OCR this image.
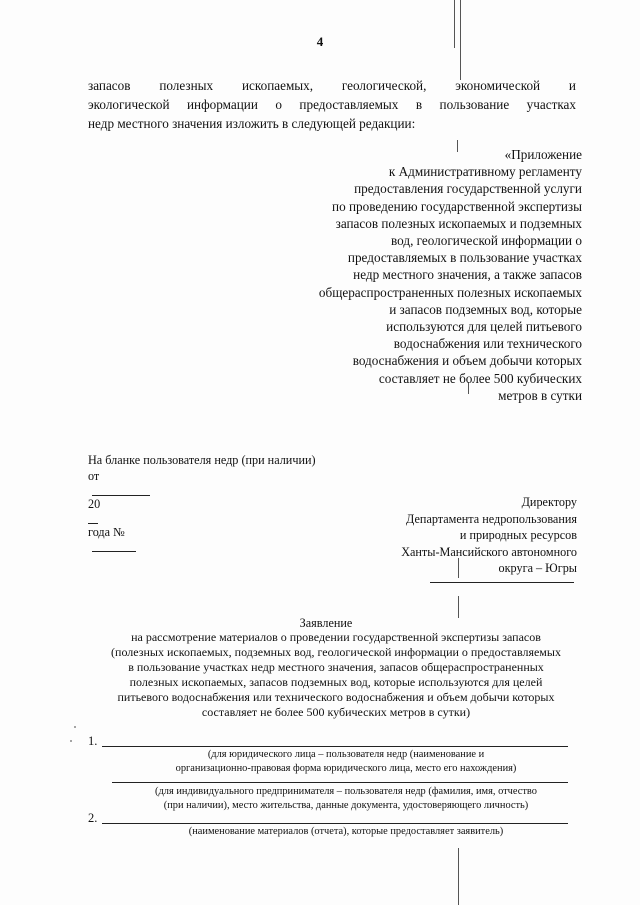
4
запасов полезных ископаемых, геологической, экономической и
экологической информации о предоставляемых в пользование участках
недр местного значения изложить в следующей редакции:
«Приложение
к Административному регламенту
предоставления государственной услуги
по проведению государственной экспертизы
запасов полезных ископаемых и подземных
вод, геологической информации о
предоставляемых в пользование участках
недр местного значения, а также запасов
общераспространенных полезных ископаемых
и запасов подземных вод, которые
используются для целей питьевого
водоснабжения или технического
водоснабжения и объем добычи которых
составляет не более 500 кубических
метров в сутки
На бланке пользователя недр (при наличии)
от
20
года №
Директору
Департамента недропользования
и природных ресурсов
Ханты-Мансийского автономного
округа – Югры
Заявление
на рассмотрение материалов о проведении государственной экспертизы запасов
(полезных ископаемых, подземных вод, геологической информации о предоставляемых
в пользование участках недр местного значения, запасов общераспространенных
полезных ископаемых, запасов подземных вод, которые используются для целей
питьевого водоснабжения или технического водоснабжения и объем добычи которых
составляет не более 500 кубических метров в сутки)
1.
(для юридического лица – пользователя недр (наименование и
организационно-правовая форма юридического лица, место его нахождения)
(для индивидуального предпринимателя – пользователя недр (фамилия, имя, отчество
(при наличии), место жительства, данные документа, удостоверяющего личность)
2.
(наименование материалов (отчета), которые предоставляет заявитель)
